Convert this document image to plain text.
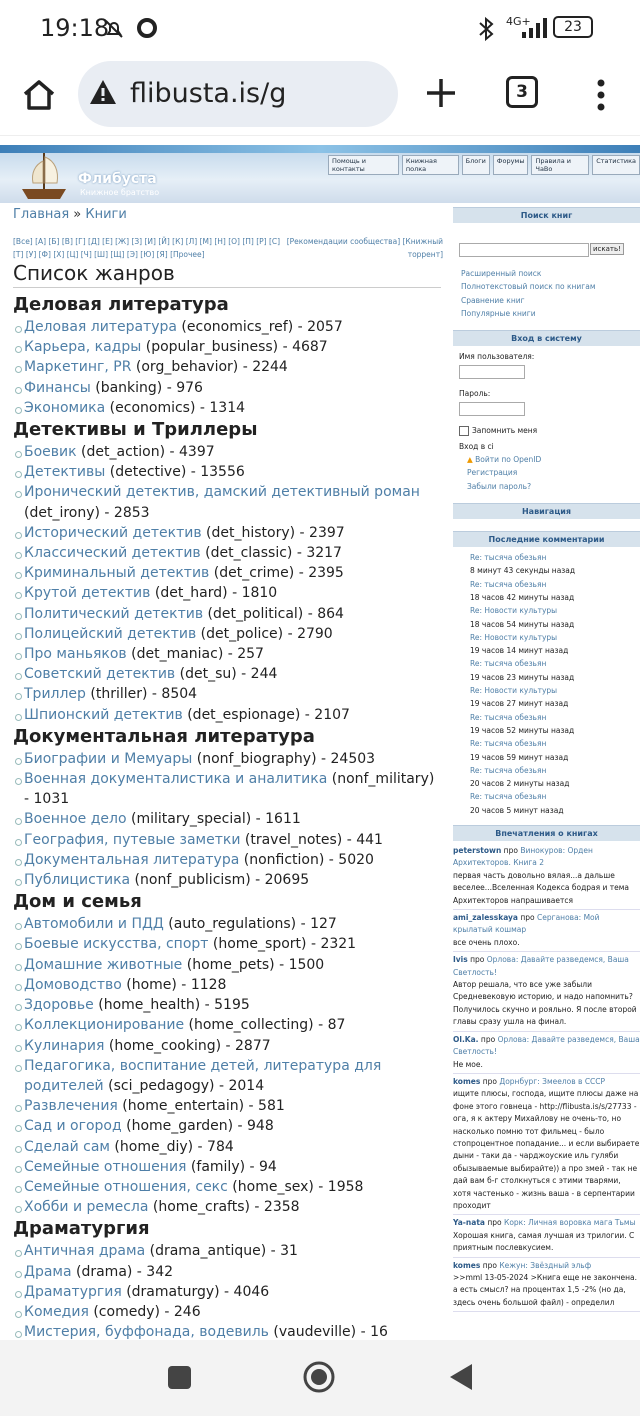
19:18	4G+	23
3
flibusta.is/g
Флибуста
Книжное братство
Помощь и контакты
Книжная полка
Блоги	Форумы	Правила и ЧаВо
Статистика
Главная » Книги
[Все] [А] [Б] [В] [Г] [Д] [Е] [Ж] [З] [И] [Й] [К] [Л] [М] [Н] [О] [П] [Р] [С] [Т] [У] [Ф] [Х] [Ц] [Ч] [Ш] [Щ] [Э] [Ю] [Я] [Прочее]
[Рекомендации сообщества] [Книжный торрент]
Список жанров
Деловая литература
Деловая литература (economics_ref) - 2057
Карьера, кадры (popular_business) - 4687
Маркетинг, PR (org_behavior) - 2244
Финансы (banking) - 976
Экономика (economics) - 1314
Детективы и Триллеры
Боевик (det_action) - 4397
Детективы (detective) - 13556
Иронический детектив, дамский детективный роман (det_irony) - 2853
Исторический детектив (det_history) - 2397
Классический детектив (det_classic) - 3217
Криминальный детектив (det_crime) - 2395
Крутой детектив (det_hard) - 1810
Политический детектив (det_political) - 864
Полицейский детектив (det_police) - 2790
Про маньяков (det_maniac) - 257
Советский детектив (det_su) - 244
Триллер (thriller) - 8504
Шпионский детектив (det_espionage) - 2107
Документальная литература
Биографии и Мемуары (nonf_biography) - 24503
Военная документалистика и аналитика (nonf_military) - 1031
Военное дело (military_special) - 1611
География, путевые заметки (travel_notes) - 441
Документальная литература (nonfiction) - 5020
Публицистика (nonf_publicism) - 20695
Дом и семья
Автомобили и ПДД (auto_regulations) - 127
Боевые искусства, спорт (home_sport) - 2321
Домашние животные (home_pets) - 1500
Домоводство (home) - 1128
Здоровье (home_health) - 5195
Коллекционирование (home_collecting) - 87
Кулинария (home_cooking) - 2877
Педагогика, воспитание детей, литература для родителей (sci_pedagogy) - 2014
Развлечения (home_entertain) - 581
Сад и огород (home_garden) - 948
Сделай сам (home_diy) - 784
Семейные отношения (family) - 94
Семейные отношения, секс (home_sex) - 1958
Хобби и ремесла (home_crafts) - 2358
Драматургия
Античная драма (drama_antique) - 31
Драма (drama) - 342
Драматургия (dramaturgy) - 4046
Комедия (comedy) - 246
Мистерия, буффонада, водевиль (vaudeville) - 16
Поиск книг
искать!
Расширенный поиск
Полнотекстовый поиск по книгам
Сравнение книг
Популярные книги
Вход в систему
Имя пользователя:
Пароль:
Запомнить меня
Вход в сі
▲ Войти по OpenID
Регистрация
Забыли пароль?
Навигация
Последние комментарии
Re: тысяча обезьян
8 минут 43 секунды назад
Re: тысяча обезьян
18 часов 42 минуты назад
Re: Новости культуры
18 часов 54 минуты назад
Re: Новости культуры
19 часов 14 минут назад
Re: тысяча обезьян
19 часов 23 минуты назад
Re: Новости культуры
19 часов 27 минут назад
Re: тысяча обезьян
19 часов 52 минуты назад
Re: тысяча обезьян
19 часов 59 минут назад
Re: тысяча обезьян
20 часов 2 минуты назад
Re: тысяча обезьян
20 часов 5 минут назад
Впечатления о книгах
peterstown про Винокуров: Орден Архитекторов. Книга 2
первая часть довольно вялая...а дальше веселее...Вселенная Кодекса бодрая и тема Архитекторов напрашивается
ami_zalesskaya про Серганова: Мой крылатый кошмар
все очень плохо.
Ivis про Орлова: Давайте разведемся, Ваша Светлость!
Автор решала, что все уже забыли Средневековую историю, и надо напомнить? Получилось скучно и рояльно. Я после второй главы сразу ушла на финал.
Ol.Ka. про Орлова: Давайте разведемся, Ваша Светлость!
Не мое.
komes про Дорнбург: Змеелов в СССР
ищите плюсы, господа, ищите плюсы даже на фоне этого говнеца - http://flibusta.is/s/27733 - ога, я к актеру Михайлову не очень-то, но насколько помню тот фильмец - было стопроцентное попадание... и если выбираете дыни - таки да - чарджоуские иль гуляби обызываемые выбирайте)) а про змей - так не дай вам б-г столкнуться с этими тварями, хотя частенько - жизнь ваша - в серпентарии проходит
Ya-nata про Корк: Личная воровка мага Тьмы
Хорошая книга, самая лучшая из трилогии. С приятным послевкусием.
komes про Кежун: Звёздный эльф
>>mml 13-05-2024 >Книга еще не закончена. а есть смысл? на процентах 1,5 -2% (но да, здесь очень большой файл) - определил
